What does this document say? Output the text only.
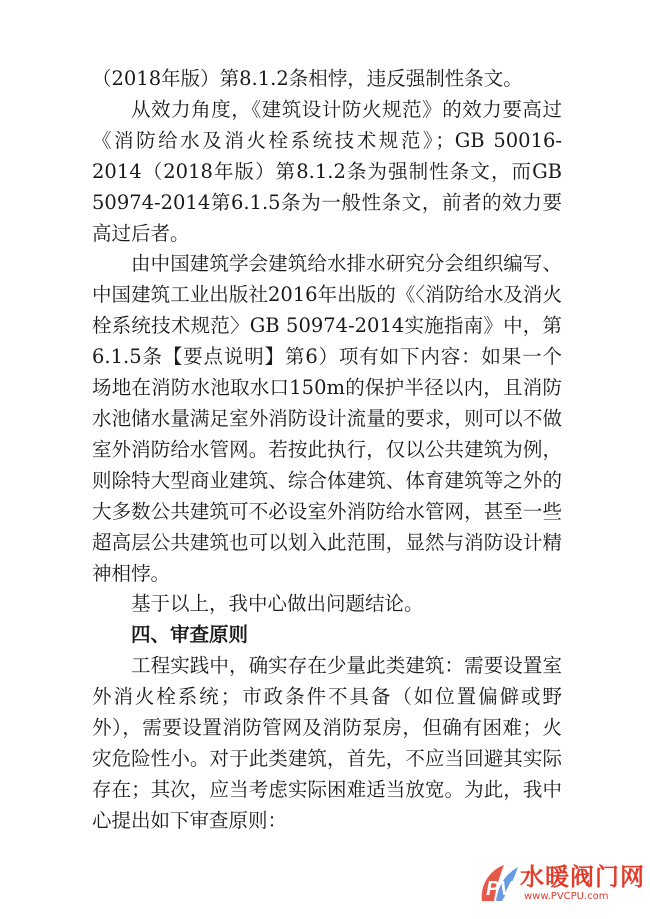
（2018年版）第8.1.2条相悖，违反强制性条文。

从效力角度，《建筑设计防火规范》的效力要高过《消防给水及消火栓系统技术规范》；GB 50016-2014（2018年版）第8.1.2条为强制性条文，而GB 50974-2014第6.1.5条为一般性条文，前者的效力要高过后者。

由中国建筑学会建筑给水排水研究分会组织编写、中国建筑工业出版社2016年出版的《〈消防给水及消火栓系统技术规范〉GB 50974-2014实施指南》中，第6.1.5条【要点说明】第6）项有如下内容：如果一个场地在消防水池取水口150m的保护半径以内，且消防水池储水量满足室外消防设计流量的要求，则可以不做室外消防给水管网。若按此执行，仅以公共建筑为例，则除特大型商业建筑、综合体建筑、体育建筑等之外的大多数公共建筑可不必设室外消防给水管网，甚至一些超高层公共建筑也可以划入此范围，显然与消防设计精神相悖。

基于以上，我中心做出问题结论。

四、审查原则

工程实践中，确实存在少量此类建筑：需要设置室外消火栓系统；市政条件不具备（如位置偏僻或野外），需要设置消防管网及消防泵房，但确有困难；火灾危险性小。对于此类建筑，首先，不应当回避其实际存在；其次，应当考虑实际困难适当放宽。为此，我中心提出如下审查原则：

PV 水暖阀门网
www.PVCPU.com
